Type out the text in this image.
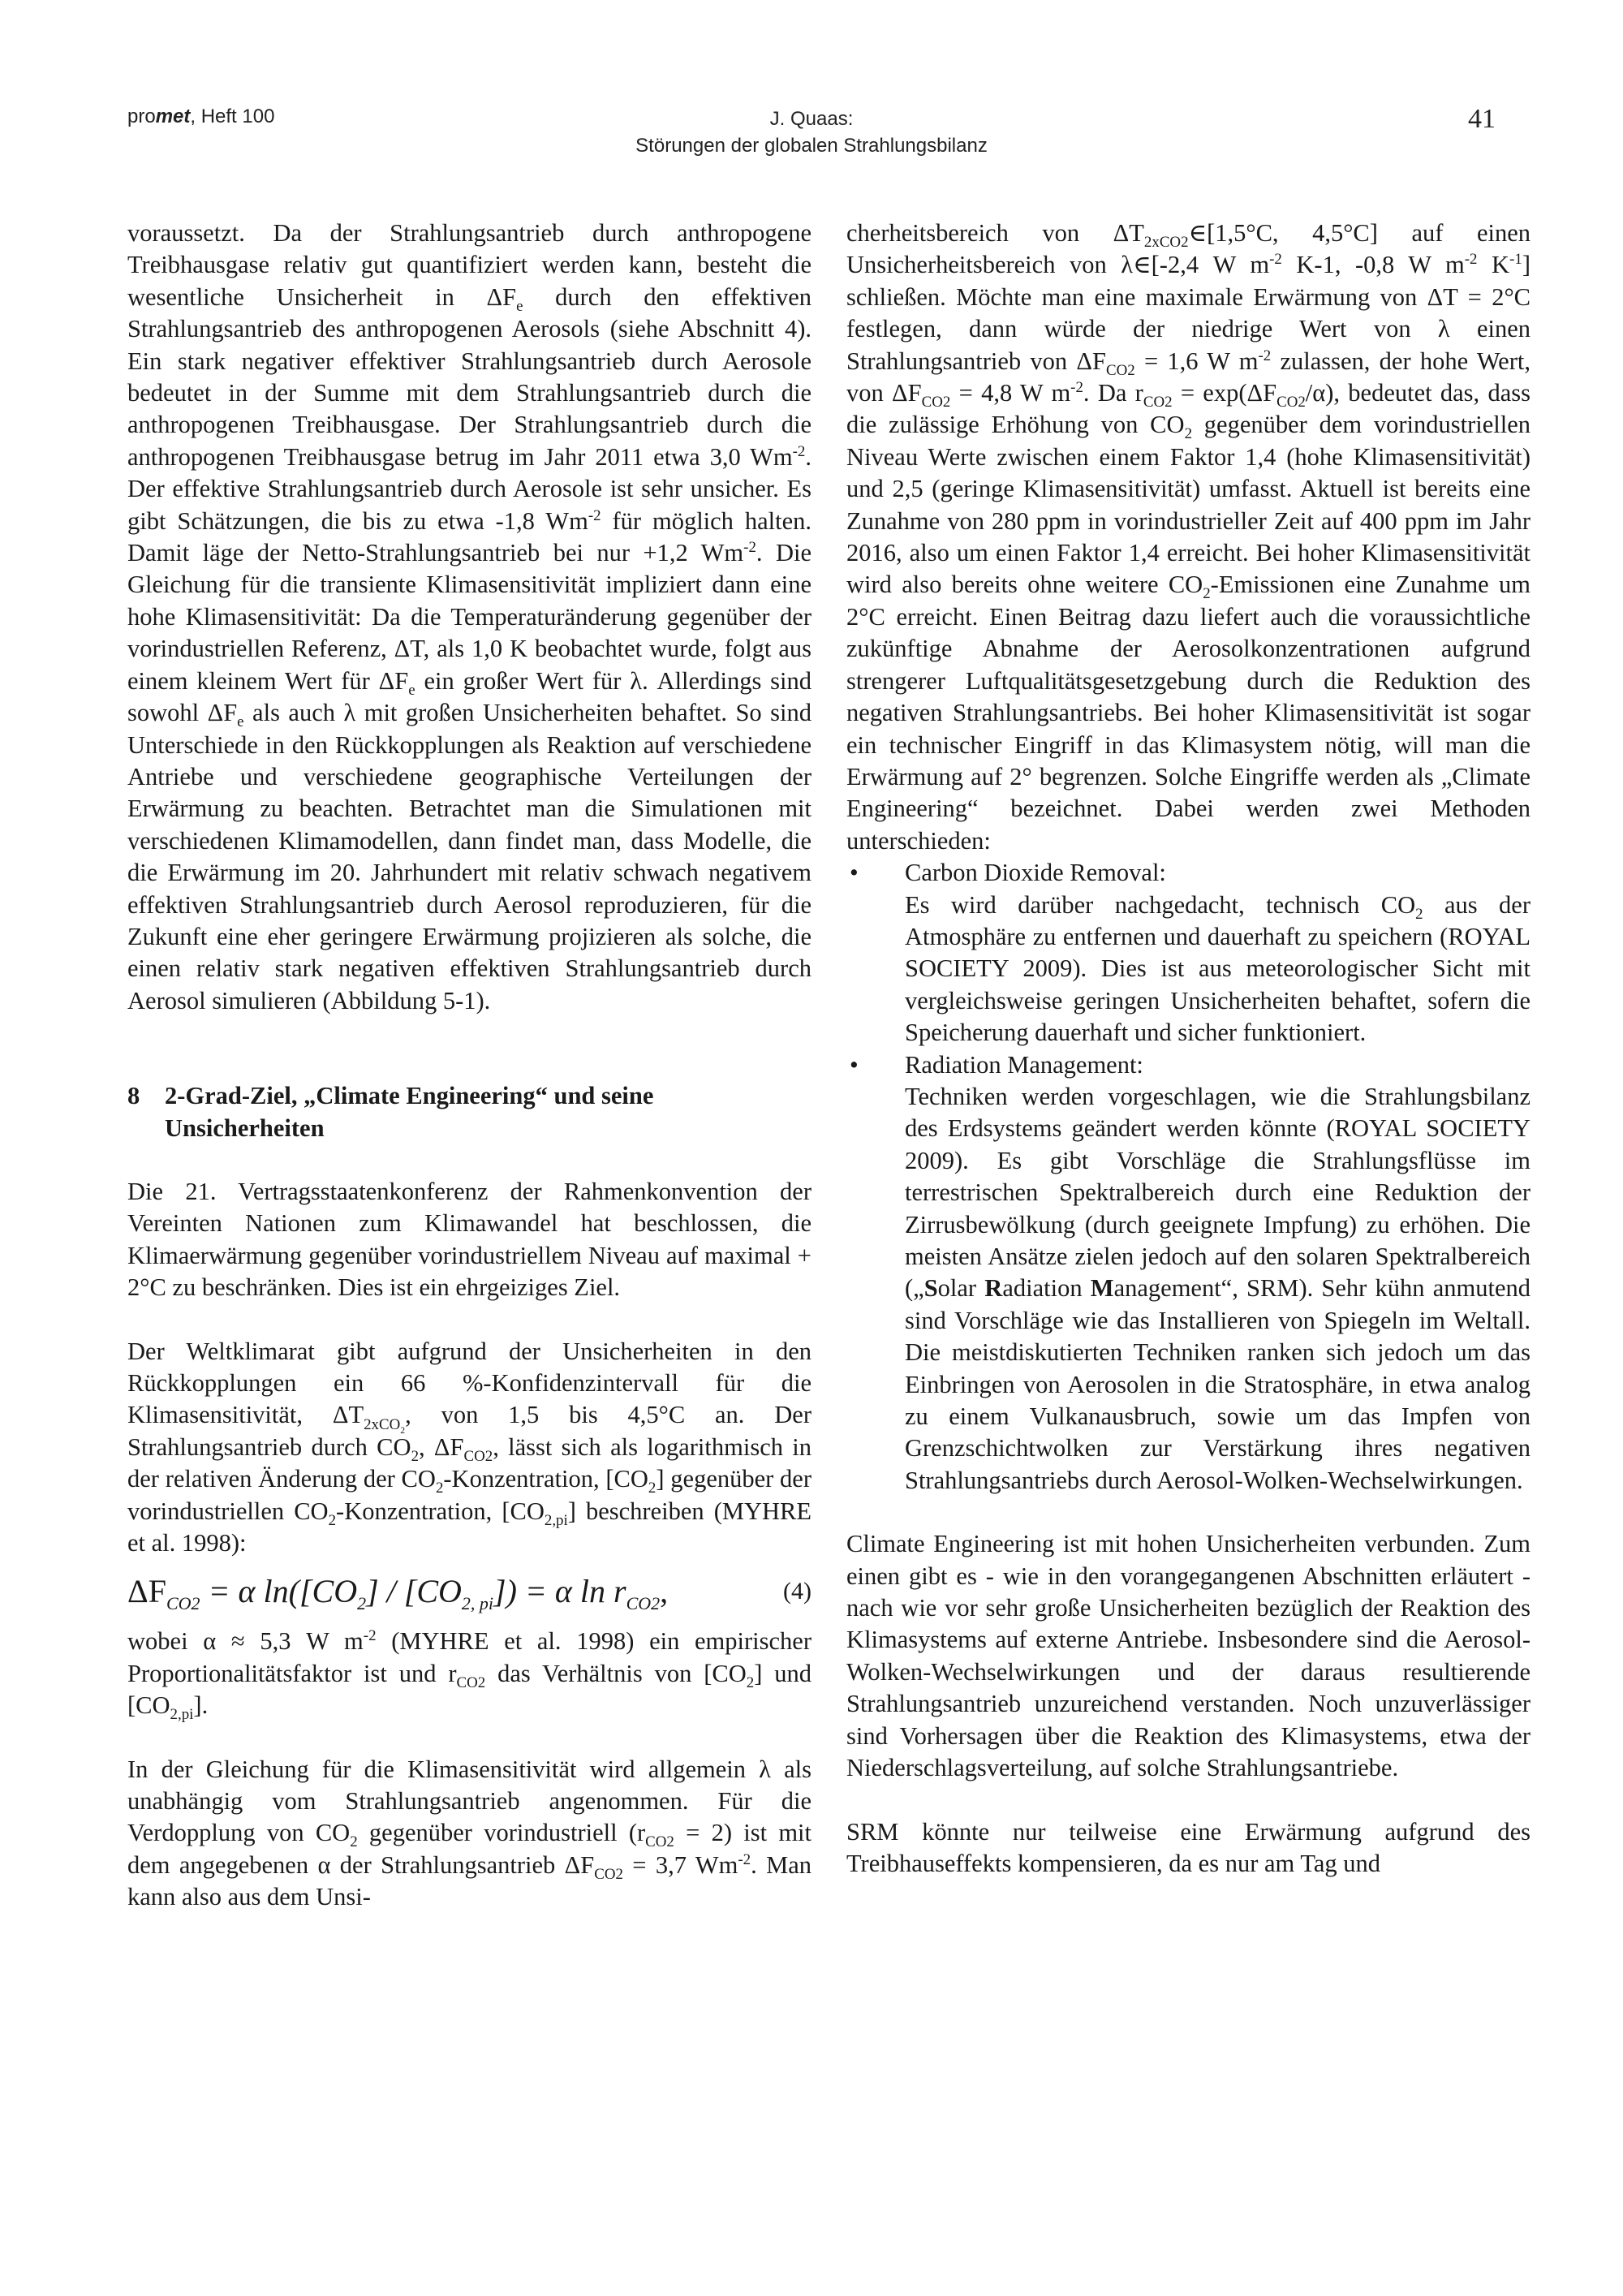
promet, Heft 100	J. Quaas:
Störungen der globalen Strahlungsbilanz
41

voraussetzt. Da der Strahlungsantrieb durch anthropogene Treibhausgase relativ gut quantifiziert werden kann, besteht die wesentliche Unsicherheit in $\Delta F_e$ durch den effektiven Strahlungsantrieb des anthropogenen Aerosols (siehe Abschnitt 4). Ein stark negativer effektiver Strahlungsantrieb durch Aerosole bedeutet in der Summe mit dem Strahlungsantrieb durch die anthropogenen Treibhausgase. Der Strahlungsantrieb durch die anthropogenen Treibhausgase betrug im Jahr 2011 etwa 3,0 $Wm^{-2}$. Der effektive Strahlungsantrieb durch Aerosole ist sehr unsicher. Es gibt Schätzungen, die bis zu etwa -1,8 $Wm^{-2}$ für möglich halten. Damit läge der Netto-Strahlungsantrieb bei nur +1,2 $Wm^{-2}$. Die Gleichung für die transiente Klimasensitivität impliziert dann eine hohe Klimasensitivität: Da die Temperaturänderung gegenüber der vorindustriellen Referenz, ΔT, als 1,0 K beobachtet wurde, folgt aus einem kleinem Wert für $\Delta F_e$ ein großer Wert für λ. Allerdings sind sowohl $\Delta F_e$ als auch λ mit großen Unsicherheiten behaftet. So sind Unterschiede in den Rückkopplungen als Reaktion auf verschiedene Antriebe und verschiedene geographische Verteilungen der Erwärmung zu beachten. Betrachtet man die Simulationen mit verschiedenen Klimamodellen, dann findet man, dass Modelle, die die Erwärmung im 20. Jahrhundert mit relativ schwach negativem effektiven Strahlungsantrieb durch Aerosol reproduzieren, für die Zukunft eine eher geringere Erwärmung projizieren als solche, die einen relativ stark negativen effektiven Strahlungsantrieb durch Aerosol simulieren (Abbildung 5-1).

8	2-Grad-Ziel, „Climate Engineering“ und seine Unsicherheiten

Die 21. Vertragsstaatenkonferenz der Rahmenkonvention der Vereinten Nationen zum Klimawandel hat beschlossen, die Klimaerwärmung gegenüber vorindustriellem Niveau auf maximal + 2°C zu beschränken. Dies ist ein ehrgeiziges Ziel.

Der Weltklimarat gibt aufgrund der Unsicherheiten in den Rückkopplungen ein 66 %-Konfidenzintervall für die Klimasensitivität, $\Delta T_{2xCO_2}$, von 1,5 bis 4,5°C an. Der Strahlungsantrieb durch $CO_2$, $\Delta F_{CO2}$, lässt sich als logarithmisch in der relativen Änderung der $CO_2$-Konzentration, $[CO_2]$ gegenüber der vorindustriellen $CO_2$-Konzentration, $[CO_{2,pi}]$ beschreiben (MYHRE et al. 1998):

$\Delta F_{CO2} = \alpha$ $\ln([CO_2] / [CO_{2, pi}]) = \alpha$ $\ln r_{CO2}$,	(4)

wobei α ≈ 5,3 W $m^{-2}$ (MYHRE et al. 1998) ein empirischer Proportionalitätsfaktor ist und $r_{CO2}$ das Verhältnis von $[CO_2]$ und $[CO_{2,pi}]$.

In der Gleichung für die Klimasensitivität wird allgemein λ als unabhängig vom Strahlungsantrieb angenommen. Für die Verdopplung von $CO_2$ gegenüber vorindustriell $(r_{CO2} = 2)$ ist mit dem angegebenen α der Strahlungsantrieb $\Delta F_{CO2} = 3,7$ $Wm^{-2}$. Man kann also aus dem Unsi-

cherheitsbereich von $\Delta T_{2xCO2}\in[1,5^\circ C$, 4,5°C] auf einen Unsicherheitsbereich von λ∈[-2,4 W $m^{-2}$ K-1, -0,8 W $m^{-2}$ $K^{-1}$] schließen. Möchte man eine maximale Erwärmung von ΔT = 2°C festlegen, dann würde der niedrige Wert von λ einen Strahlungsantrieb von $\Delta F_{CO2} = 1,6$ W $m^{-2}$ zulassen, der hohe Wert, von $\Delta F_{CO2} = 4,8$ W $m^{-2}$. Da $r_{CO2} = \exp(\Delta F_{CO2}/\alpha)$, bedeutet das, dass die zulässige Erhöhung von $CO_2$ gegenüber dem vorindustriellen Niveau Werte zwischen einem Faktor 1,4 (hohe Klimasensitivität) und 2,5 (geringe Klimasensitivität) umfasst. Aktuell ist bereits eine Zunahme von 280 ppm in vorindustrieller Zeit auf 400 ppm im Jahr 2016, also um einen Faktor 1,4 erreicht. Bei hoher Klimasensitivität wird also bereits ohne weitere $CO_2$-Emissionen eine Zunahme um 2°C erreicht. Einen Beitrag dazu liefert auch die voraussichtliche zukünftige Abnahme der Aerosolkonzentrationen aufgrund strengerer Luftqualitätsgesetzgebung durch die Reduktion des negativen Strahlungsantriebs. Bei hoher Klimasensitivität ist sogar ein technischer Eingriff in das Klimasystem nötig, will man die Erwärmung auf 2° begrenzen. Solche Eingriffe werden als „Climate Engineering“ bezeichnet. Dabei werden zwei Methoden unterschieden:

•	Carbon Dioxide Removal:

Es wird darüber nachgedacht, technisch $CO_2$ aus der Atmosphäre zu entfernen und dauerhaft zu speichern (ROYAL SOCIETY 2009). Dies ist aus meteorologischer Sicht mit vergleichsweise geringen Unsicherheiten behaftet, sofern die Speicherung dauerhaft und sicher funktioniert.

•	Radiation Management:

Techniken werden vorgeschlagen, wie die Strahlungsbilanz des Erdsystems geändert werden könnte (ROYAL SOCIETY 2009). Es gibt Vorschläge die Strahlungsflüsse im terrestrischen Spektralbereich durch eine Reduktion der Zirrusbewölkung (durch geeignete Impfung) zu erhöhen. Die meisten Ansätze zielen jedoch auf den solaren Spektralbereich („Solar Radiation Management“, SRM). Sehr kühn anmutend sind Vorschläge wie das Installieren von Spiegeln im Weltall. Die meistdiskutierten Techniken ranken sich jedoch um das Einbringen von Aerosolen in die Stratosphäre, in etwa analog zu einem Vulkanausbruch, sowie um das Impfen von Grenzschichtwolken zur Verstärkung ihres negativen Strahlungsantriebs durch Aerosol-Wolken-Wechselwirkungen.

Climate Engineering ist mit hohen Unsicherheiten verbunden. Zum einen gibt es - wie in den vorangegangenen Abschnitten erläutert - nach wie vor sehr große Unsicherheiten bezüglich der Reaktion des Klimasystems auf externe Antriebe. Insbesondere sind die Aerosol-Wolken-Wechselwirkungen und der daraus resultierende Strahlungsantrieb unzureichend verstanden. Noch unzuverlässiger sind Vorhersagen über die Reaktion des Klimasystems, etwa der Niederschlagsverteilung, auf solche Strahlungsantriebe.

SRM könnte nur teilweise eine Erwärmung aufgrund des Treibhauseffekts kompensieren, da es nur am Tag und
